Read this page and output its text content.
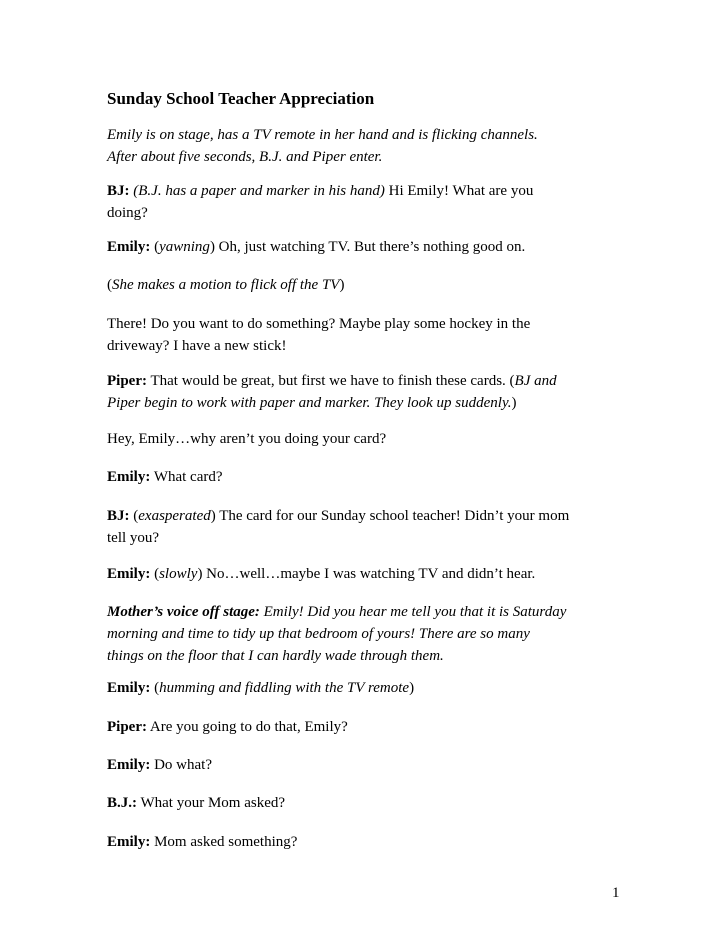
Sunday School Teacher Appreciation
Emily is on stage, has a TV remote in her hand and is flicking channels.
After about five seconds, B.J. and Piper enter.
BJ: (B.J. has a paper and marker in his hand) Hi Emily! What are you
doing?
Emily: (yawning) Oh, just watching TV. But there’s nothing good on.
(She makes a motion to flick off the TV)
There! Do you want to do something? Maybe play some hockey in the
driveway? I have a new stick!
Piper: That would be great, but first we have to finish these cards. (BJ and
Piper begin to work with paper and marker. They look up suddenly.)
Hey, Emily…why aren’t you doing your card?
Emily: What card?
BJ: (exasperated) The card for our Sunday school teacher! Didn’t your mom
tell you?
Emily: (slowly) No…well…maybe I was watching TV and didn’t hear.
Mother’s voice off stage: Emily! Did you hear me tell you that it is Saturday
morning and time to tidy up that bedroom of yours! There are so many
things on the floor that I can hardly wade through them.
Emily: (humming and fiddling with the TV remote)
Piper: Are you going to do that, Emily?
Emily: Do what?
B.J.: What your Mom asked?
Emily: Mom asked something?
1
